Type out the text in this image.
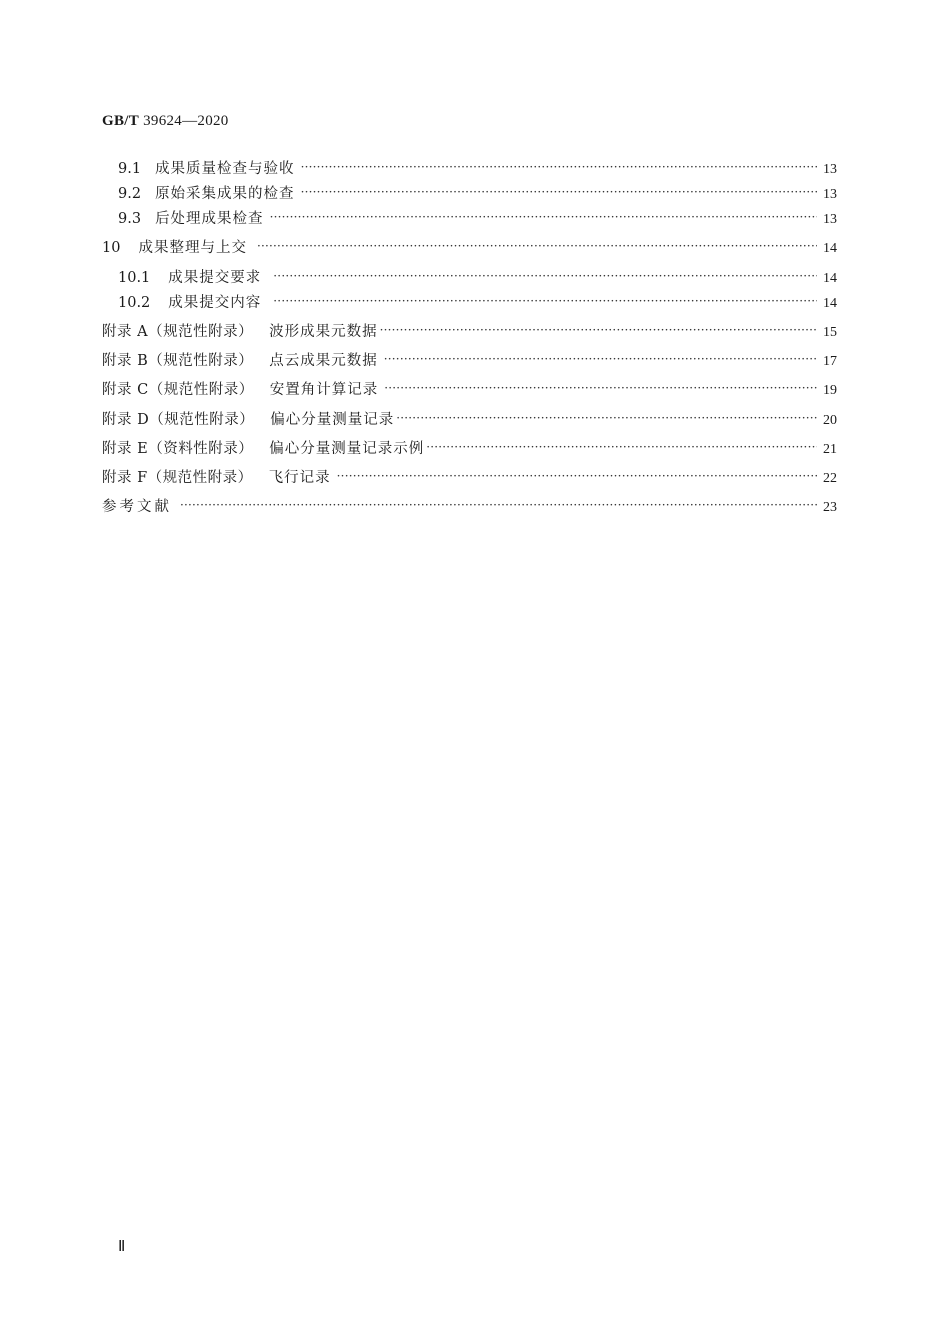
GB/T 39624—2020
9.1 成果质量检查与验收 ·····	13
9.2 原始采集成果的检查 ·····	13
9.3 后处理成果检查 ·····	13
10 成果整理与上交 ·····	14
10.1 成果提交要求 ·····	14
10.2 成果提交内容 ·····	14
附录 A（规范性附录） 波形成果元数据 ·····	15
附录 B（规范性附录） 点云成果元数据 ·····	17
附录 C（规范性附录） 安置角计算记录 ·····	19
附录 D（规范性附录） 偏心分量测量记录 ·····	20
附录 E（资料性附录） 偏心分量测量记录示例 ·····	21
附录 F（规范性附录） 飞行记录 ·····	22
参考文献 ·····	23
Ⅱ
